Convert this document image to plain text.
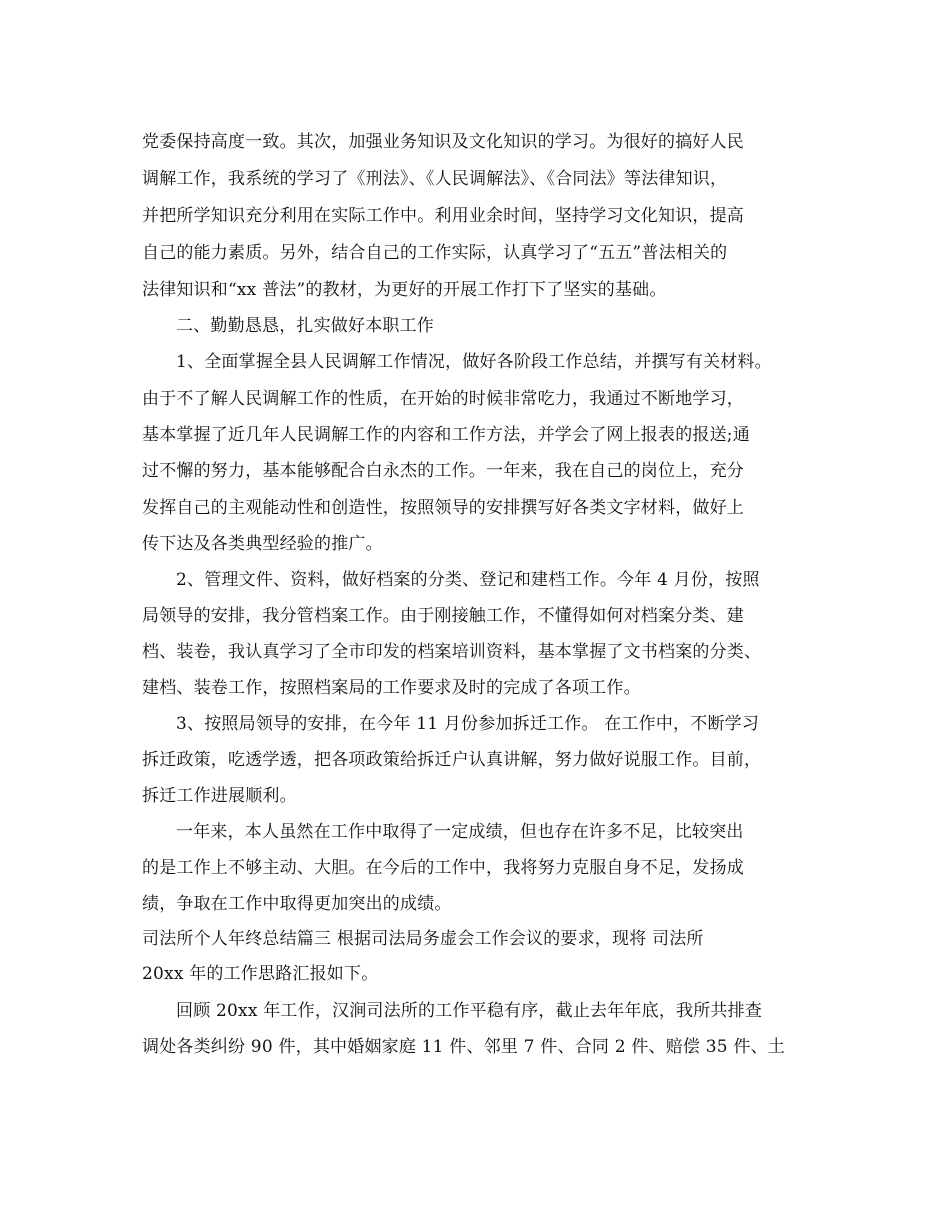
党委保持高度一致。其次，加强业务知识及文化知识的学习。为很好的搞好人民
调解工作，我系统的学习了《刑法》、《人民调解法》、《合同法》等法律知识，
并把所学知识充分利用在实际工作中。利用业余时间，坚持学习文化知识，提高
自己的能力素质。另外，结合自己的工作实际，认真学习了“五五”普法相关的
法律知识和“xx 普法”的教材，为更好的开展工作打下了坚实的基础。
二、勤勤恳恳，扎实做好本职工作
1、全面掌握全县人民调解工作情况，做好各阶段工作总结，并撰写有关材料。
由于不了解人民调解工作的性质，在开始的时候非常吃力，我通过不断地学习，
基本掌握了近几年人民调解工作的内容和工作方法，并学会了网上报表的报送;通
过不懈的努力，基本能够配合白永杰的工作。一年来，我在自己的岗位上，充分
发挥自己的主观能动性和创造性，按照领导的安排撰写好各类文字材料，做好上
传下达及各类典型经验的推广。
2、管理文件、资料，做好档案的分类、登记和建档工作。今年 4 月份，按照
局领导的安排，我分管档案工作。由于刚接触工作，不懂得如何对档案分类、建
档、装卷，我认真学习了全市印发的档案培训资料，基本掌握了文书档案的分类、
建档、装卷工作，按照档案局的工作要求及时的完成了各项工作。
3、按照局领导的安排，在今年 11 月份参加拆迁工作。 在工作中，不断学习
拆迁政策，吃透学透，把各项政策给拆迁户认真讲解，努力做好说服工作。目前，
拆迁工作进展顺利。
一年来，本人虽然在工作中取得了一定成绩，但也存在许多不足，比较突出
的是工作上不够主动、大胆。在今后的工作中，我将努力克服自身不足，发扬成
绩，争取在工作中取得更加突出的成绩。
司法所个人年终总结篇三 根据司法局务虚会工作会议的要求，现将 司法所
20xx 年的工作思路汇报如下。
回顾 20xx 年工作，汉涧司法所的工作平稳有序，截止去年年底，我所共排查
调处各类纠纷 90 件，其中婚姻家庭 11 件、邻里 7 件、合同 2 件、赔偿 35 件、土
